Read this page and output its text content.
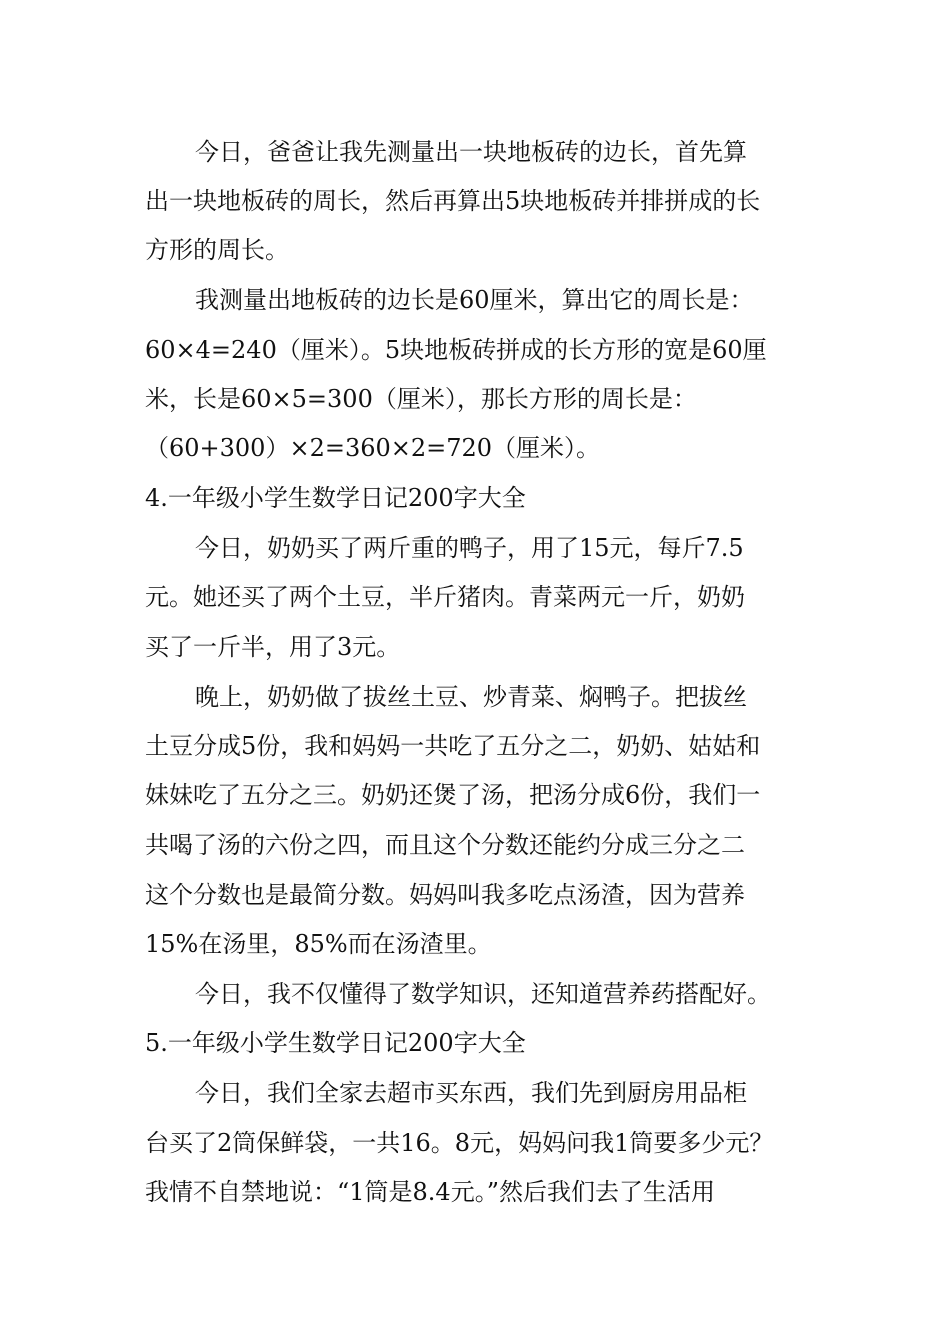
今日，爸爸让我先测量出一块地板砖的边长，首先算
出一块地板砖的周长，然后再算出5块地板砖并排拼成的长
方形的周长。
我测量出地板砖的边长是60厘米，算出它的周长是：
60×4=240（厘米）。5块地板砖拼成的长方形的宽是60厘
米，长是60×5=300（厘米），那长方形的周长是：
（60+300）×2=360×2=720（厘米）。
4.一年级小学生数学日记200字大全
今日，奶奶买了两斤重的鸭子，用了15元，每斤7.5
元。她还买了两个土豆，半斤猪肉。青菜两元一斤，奶奶
买了一斤半，用了3元。
晚上，奶奶做了拔丝土豆、炒青菜、焖鸭子。把拔丝
土豆分成5份，我和妈妈一共吃了五分之二，奶奶、姑姑和
妹妹吃了五分之三。奶奶还煲了汤，把汤分成6份，我们一
共喝了汤的六份之四，而且这个分数还能约分成三分之二
这个分数也是最简分数。妈妈叫我多吃点汤渣，因为营养
15%在汤里，85%而在汤渣里。
今日，我不仅懂得了数学知识，还知道营养药搭配好。
5.一年级小学生数学日记200字大全
今日，我们全家去超市买东西，我们先到厨房用品柜
台买了2筒保鲜袋，一共16。8元，妈妈问我1筒要多少元？
我情不自禁地说：“1筒是8.4元。”然后我们去了生活用
